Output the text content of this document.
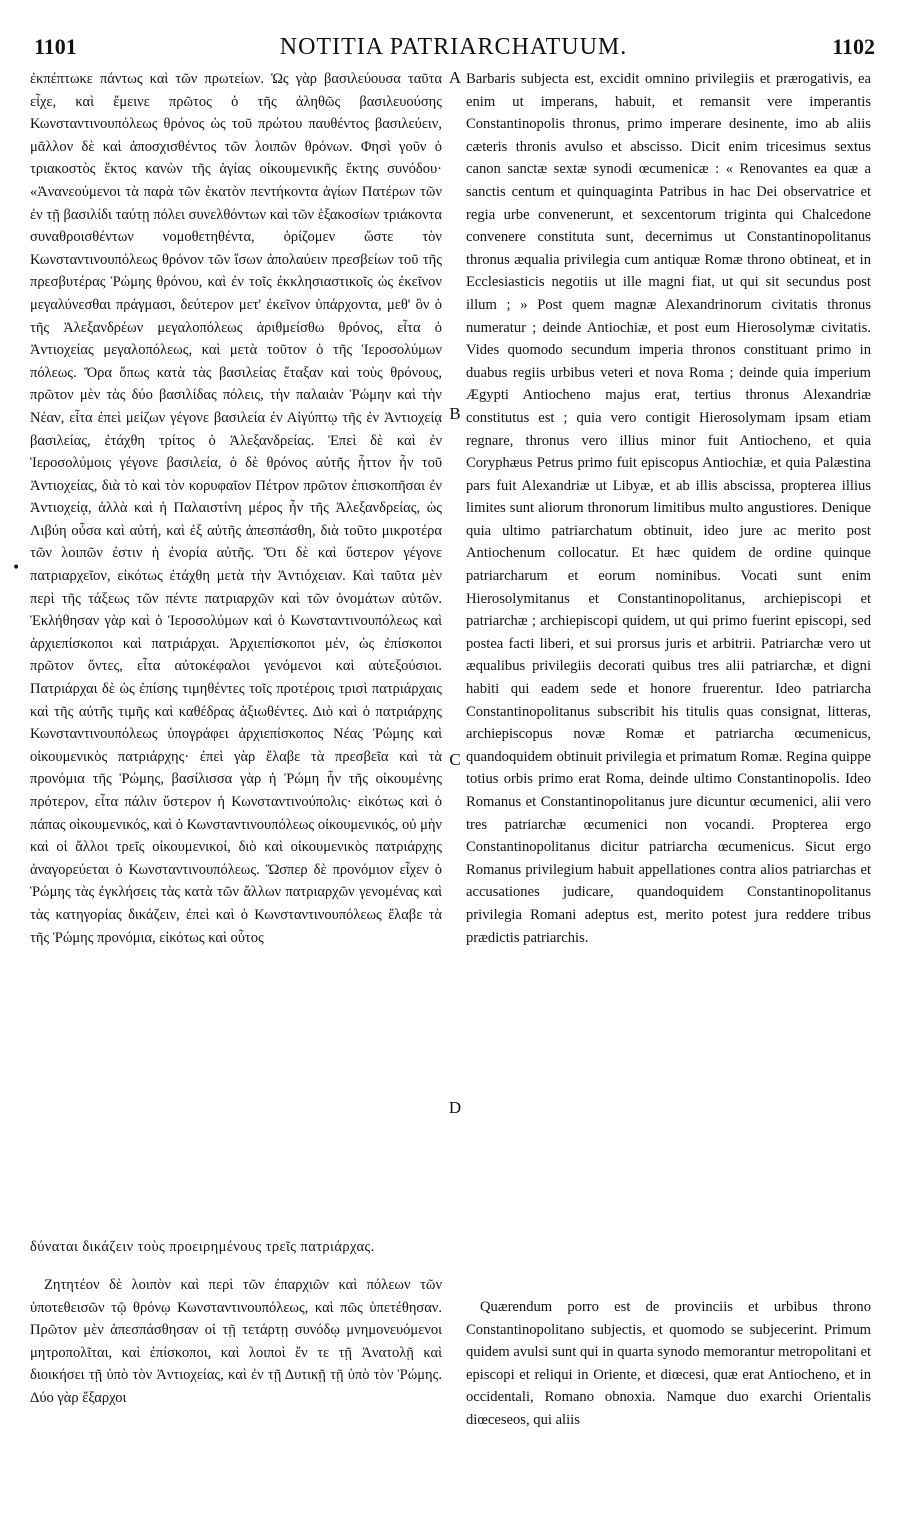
1101	NOTITIA PATRIARCHATUUM.	1102
•

ἐκπέπτωκε πάντως καὶ τῶν πρωτείων. Ὡς γὰρ βασιλεύουσα ταῦτα εἶχε, καὶ ἔμεινε πρῶτος ὁ τῆς ἀληθῶς βασιλευούσης Κωνσταντινουπόλεως θρόνος ὡς τοῦ πρώτου παυθέντος βασιλεύειν, μᾶλλον δὲ καὶ ἀποσχισθέντος τῶν λοιπῶν θρόνων. Φησὶ γοῦν ὁ τριακοστὸς ἕκτος κανὼν τῆς ἁγίας οἰκουμενικῆς ἕκτης συνόδου· «Ἀνανεούμενοι τὰ παρὰ τῶν ἑκατὸν πεντήκοντα ἁγίων Πατέρων τῶν ἐν τῇ βασιλίδι ταύτῃ πόλει συνελθόντων καὶ τῶν ἑξακοσίων τριάκοντα συναθροισθέντων νομοθετηθέντα, ὁρίζομεν ὥστε τὸν Κωνσταντινουπόλεως θρόνον τῶν ἴσων ἀπολαύειν πρεσβείων τοῦ τῆς πρεσβυτέρας Ῥώμης θρόνου, καὶ ἐν τοῖς ἐκκλησιαστικοῖς ὡς ἐκεῖνον μεγαλύνεσθαι πράγμασι, δεύτερον μετ' ἐκεῖνον ὑπάρχοντα, μεθ' ὃν ὁ τῆς Ἀλεξανδρέων μεγαλοπόλεως ἀριθμείσθω θρόνος, εἶτα ὁ Ἀντιοχείας μεγαλοπόλεως, καὶ μετὰ τοῦτον ὁ τῆς Ἱεροσολύμων πόλεως. Ὅρα ὅπως κατὰ τὰς βασιλείας ἔταξαν καὶ τοὺς θρόνους, πρῶτον μὲν τὰς δύο βασιλίδας πόλεις, τὴν παλαιὰν Ῥώμην καὶ τὴν Νέαν, εἶτα ἐπεὶ μείζων γέγονε βασιλεία ἐν Αἰγύπτῳ τῆς ἐν Ἀντιοχείᾳ βασιλείας, ἐτάχθη τρίτος ὁ Ἀλεξανδρείας. Ἐπεὶ δὲ καὶ ἐν Ἱεροσολύμοις γέγονε βασιλεία, ὁ δὲ θρόνος αὐτῆς ἧττον ἦν τοῦ Ἀντιοχείας, διὰ τὸ καὶ τὸν κορυφαῖον Πέτρον πρῶτον ἐπισκοπῆσαι ἐν Ἀντιοχείᾳ, ἀλλὰ καὶ ἡ Παλαιστίνη μέρος ἦν τῆς Ἀλεξανδρείας, ὡς Λιβύη οὖσα καὶ αὐτή, καὶ ἐξ αὐτῆς ἀπεσπάσθη, διὰ τοῦτο μικροτέρα τῶν λοιπῶν ἐστιν ἡ ἐνορία αὐτῆς. Ὅτι δὲ καὶ ὕστερον γέγονε πατριαρχεῖον, εἰκότως ἐτάχθη μετὰ τὴν Ἀντιόχειαν. Καὶ ταῦτα μὲν περὶ τῆς τάξεως τῶν πέντε πατριαρχῶν καὶ τῶν ὀνομάτων αὐτῶν. Ἐκλήθησαν γὰρ καὶ ὁ Ἱεροσολύμων καὶ ὁ Κωνσταντινουπόλεως καὶ ἀρχιεπίσκοποι καὶ πατριάρχαι. Ἀρχιεπίσκοποι μέν, ὡς ἐπίσκοποι πρῶτον ὄντες, εἶτα αὐτοκέφαλοι γενόμενοι καὶ αὐτεξούσιοι. Πατριάρχαι δὲ ὡς ἐπίσης τιμηθέντες τοῖς προτέροις τρισὶ πατριάρχαις καὶ τῆς αὐτῆς τιμῆς καὶ καθέδρας ἀξιωθέντες. Διὸ καὶ ὁ πατριάρχης Κωνσταντινουπόλεως ὑπογράφει ἀρχιεπίσκοπος Νέας Ῥώμης καὶ οἰκουμενικὸς πατριάρχης· ἐπεὶ γὰρ ἔλαβε τὰ πρεσβεῖα καὶ τὰ προνόμια τῆς Ῥώμης, βασίλισσα γὰρ ἡ Ῥώμη ἦν τῆς οἰκουμένης πρότερον, εἶτα πάλιν ὕστερον ἡ Κωνσταντινούπολις· εἰκότως καὶ ὁ πάπας οἰκουμενικός, καὶ ὁ Κωνσταντινουπόλεως οἰκουμενικός, οὐ μὴν καὶ οἱ ἄλλοι τρεῖς οἰκουμενικοί, διὸ καὶ οἰκουμενικὸς πατριάρχης ἀναγορεύεται ὁ Κωνσταντινουπόλεως. Ὥσπερ δὲ προνόμιον εἶχεν ὁ Ῥώμης τὰς ἐγκλήσεις τὰς κατὰ τῶν ἄλλων πατριαρχῶν γενομένας καὶ τὰς κατηγορίας δικάζειν, ἐπεὶ καὶ ὁ Κωνσταντινουπόλεως ἔλαβε τὰ τῆς Ῥώμης προνόμια, εἰκότως καὶ οὗτος

Barbaris subjecta est, excidit omnino privilegiis et prærogativis, ea enim ut imperans, habuit, et remansit vere imperantis Constantinopolis thronus, primo imperare desinente, imo ab aliis cæteris thronis avulso et abscisso. Dicit enim tricesimus sextus canon sanctæ sextæ synodi œcumenicæ : « Renovantes ea quæ a sanctis centum et quinquaginta Patribus in hac Dei observatrice et regia urbe convenerunt, et sexcentorum triginta qui Chalcedone convenere constituta sunt, decernimus ut Constantinopolitanus thronus æqualia privilegia cum antiquæ Romæ throno obtineat, et in Ecclesiasticis negotiis ut ille magni fiat, ut qui sit secundus post illum ; » Post quem magnæ Alexandrinorum civitatis thronus numeratur ; deinde Antiochiæ, et post eum Hierosolymæ civitatis. Vides quomodo secundum imperia thronos constituant primo in duabus regiis urbibus veteri et nova Roma ; deinde quia imperium Ægypti Antiocheno majus erat, tertius thronus Alexandriæ constitutus est ; quia vero contigit Hierosolymam ipsam etiam regnare, thronus vero illius minor fuit Antiocheno, et quia Coryphæus Petrus primo fuit episcopus Antiochiæ, et quia Palæstina pars fuit Alexandriæ ut Libyæ, et ab illis abscissa, propterea illius limites sunt aliorum thronorum limitibus multo angustiores. Denique quia ultimo patriarchatum obtinuit, ideo jure ac merito post Antiochenum collocatur. Et hæc quidem de ordine quinque patriarcharum et eorum nominibus. Vocati sunt enim Hierosolymitanus et Constantinopolitanus, archiepiscopi et patriarchæ ; archiepiscopi quidem, ut qui primo fuerint episcopi, sed postea facti liberi, et sui prorsus juris et arbitrii. Patriarchæ vero ut æqualibus privilegiis decorati quibus tres alii patriarchæ, et digni habiti qui eadem sede et honore fruerentur. Ideo patriarcha Constantinopolitanus subscribit his titulis quas consignat, litteras, archiepiscopus novæ Romæ et patriarcha œcumenicus, quandoquidem obtinuit privilegia et primatum Romæ. Regina quippe totius orbis primo erat Roma, deinde ultimo Constantinopolis. Ideo Romanus et Constantinopolitanus jure dicuntur œcumenici, alii vero tres patriarchæ œcumenici non vocandi. Propterea ergo Constantinopolitanus dicitur patriarcha œcumenicus. Sicut ergo Romanus privilegium habuit appellationes contra alios patriarchas et accusationes judicare, quandoquidem Constantinopolitanus privilegia Romani adeptus est, merito potest jura reddere tribus prædictis patriarchis.

A
B
C
D
δύναται δικάζειν τοὺς προειρημένους τρεῖς πατριάρχας.

Ζητητέον δὲ λοιπὸν καὶ περὶ τῶν ἐπαρχιῶν καὶ πόλεων τῶν ὑποτεθεισῶν τῷ θρόνῳ Κωνσταντινουπόλεως, καὶ πῶς ὑπετέθησαν. Πρῶτον μὲν ἀπεσπάσθησαν οἱ τῇ τετάρτῃ συνόδῳ μνημονευόμενοι μητροπολῖται, καὶ ἐπίσκοποι, καὶ λοιποὶ ἔν τε τῇ Ἀνατολῇ καὶ διοικήσει τῇ ὑπὸ τὸν Ἀντιοχείας, καὶ ἐν τῇ Δυτικῇ τῇ ὑπὸ τὸν Ῥώμης. Δύο γὰρ ἔξαρχοι

Quærendum porro est de provinciis et urbibus throno Constantinopolitano subjectis, et quomodo se subjecerint. Primum quidem avulsi sunt qui in quarta synodo memorantur metropolitani et episcopi et reliqui in Oriente, et diœcesi, quæ erat Antiocheno, et in occidentali, Romano obnoxia. Namque duo exarchi Orientalis diœceseos, qui aliis
